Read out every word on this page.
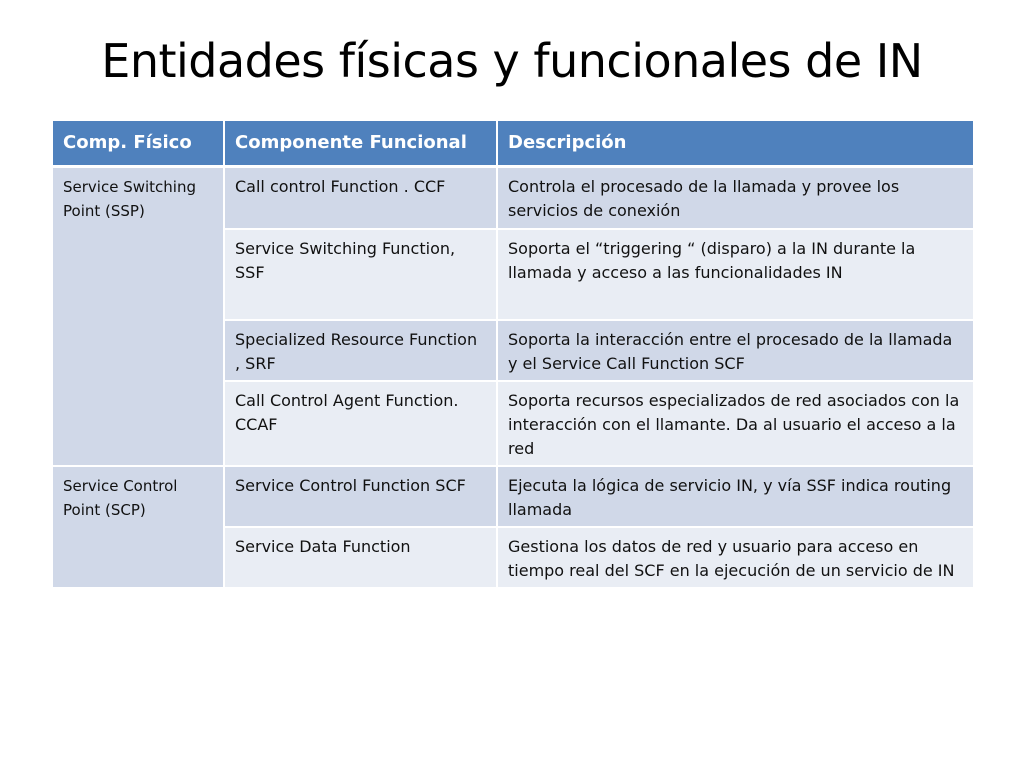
Entidades físicas y funcionales de IN
Comp. Físico	Componente Funcional	Descripción
Service Switching Point (SSP)	Call control Function . CCF	Controla el procesado de la llamada y provee los servicios de conexión
	Service Switching Function, SSF	Soporta el “triggering “ (disparo) a la IN durante la llamada y acceso a las funcionalidades IN
	Specialized Resource Function , SRF	Soporta la interacción entre el procesado de la llamada y el Service Call Function SCF
	Call Control Agent Function. CCAF	Soporta recursos especializados de red asociados con la interacción con el llamante. Da al usuario el acceso a la red
Service Control Point (SCP)	Service Control Function SCF	Ejecuta la lógica de servicio IN, y vía SSF indica routing llamada
	Service Data Function	Gestiona los datos de red y usuario para acceso en tiempo real del SCF en la ejecución de un servicio de IN
